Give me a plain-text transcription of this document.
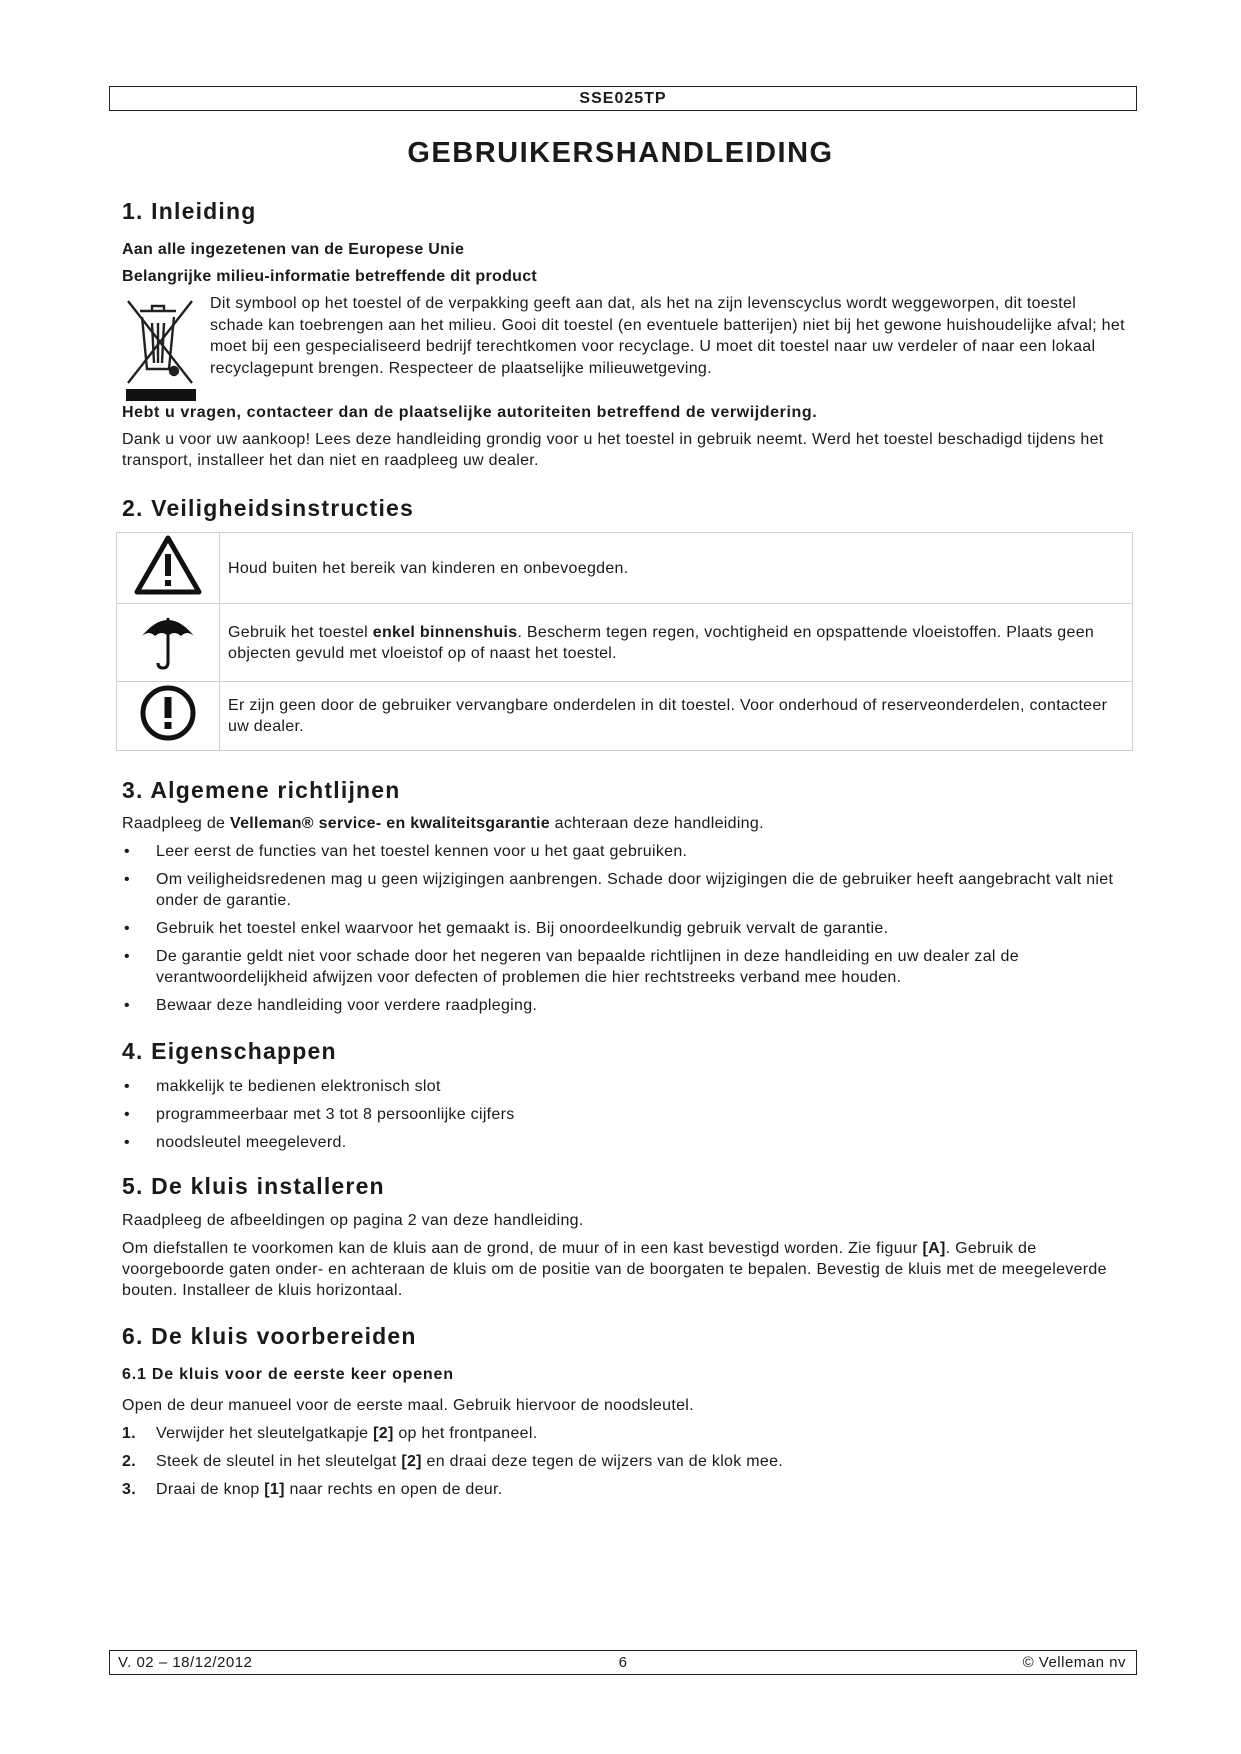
SSE025TP
GEBRUIKERSHANDLEIDING
1. Inleiding

Aan alle ingezetenen van de Europese Unie

Belangrijke milieu-informatie betreffende dit product

Dit symbool op het toestel of de verpakking geeft aan dat, als het na zijn levenscyclus wordt weggeworpen, dit toestel schade kan toebrengen aan het milieu. Gooi dit toestel (en eventuele batterijen) niet bij het gewone huishoudelijke afval; het moet bij een gespecialiseerd bedrijf terechtkomen voor recyclage. U moet dit toestel naar uw verdeler of naar een lokaal recyclagepunt brengen. Respecteer de plaatselijke milieuwetgeving.

Hebt u vragen, contacteer dan de plaatselijke autoriteiten betreffend de verwijdering.

Dank u voor uw aankoop! Lees deze handleiding grondig voor u het toestel in gebruik neemt. Werd het toestel beschadigd tijdens het transport, installeer het dan niet en raadpleeg uw dealer.

2. Veiligheidsinstructies
	Houd buiten het bereik van kinderen en onbevoegden.
	Gebruik het toestel enkel binnenshuis. Bescherm tegen regen, vochtigheid en opspattende vloeistoffen. Plaats geen objecten gevuld met vloeistof op of naast het toestel.
	Er zijn geen door de gebruiker vervangbare onderdelen in dit toestel. Voor onderhoud of reserveonderdelen, contacteer uw dealer.
3. Algemene richtlijnen

Raadpleeg de Velleman® service- en kwaliteitsgarantie achteraan deze handleiding.

• Leer eerst de functies van het toestel kennen voor u het gaat gebruiken.
• Om veiligheidsredenen mag u geen wijzigingen aanbrengen. Schade door wijzigingen die de gebruiker heeft aangebracht valt niet onder de garantie.
• Gebruik het toestel enkel waarvoor het gemaakt is. Bij onoordeelkundig gebruik vervalt de garantie.
• De garantie geldt niet voor schade door het negeren van bepaalde richtlijnen in deze handleiding en uw dealer zal de verantwoordelijkheid afwijzen voor defecten of problemen die hier rechtstreeks verband mee houden.
• Bewaar deze handleiding voor verdere raadpleging.
4. Eigenschappen
• makkelijk te bedienen elektronisch slot
• programmeerbaar met 3 tot 8 persoonlijke cijfers
• noodsleutel meegeleverd.
5. De kluis installeren

Raadpleeg de afbeeldingen op pagina 2 van deze handleiding.

Om diefstallen te voorkomen kan de kluis aan de grond, de muur of in een kast bevestigd worden. Zie figuur [A]. Gebruik de voorgeboorde gaten onder- en achteraan de kluis om de positie van de boorgaten te bepalen. Bevestig de kluis met de meegeleverde bouten. Installeer de kluis horizontaal.

6. De kluis voorbereiden
6.1 De kluis voor de eerste keer openen

Open de deur manueel voor de eerste maal. Gebruik hiervoor de noodsleutel.

1. Verwijder het sleutelgatkapje [2] op het frontpaneel.
2. Steek de sleutel in het sleutelgat [2] en draai deze tegen de wijzers van de klok mee.
3. Draai de knop [1] naar rechts en open de deur.
V. 02 – 18/12/2012	6	© Velleman nv
